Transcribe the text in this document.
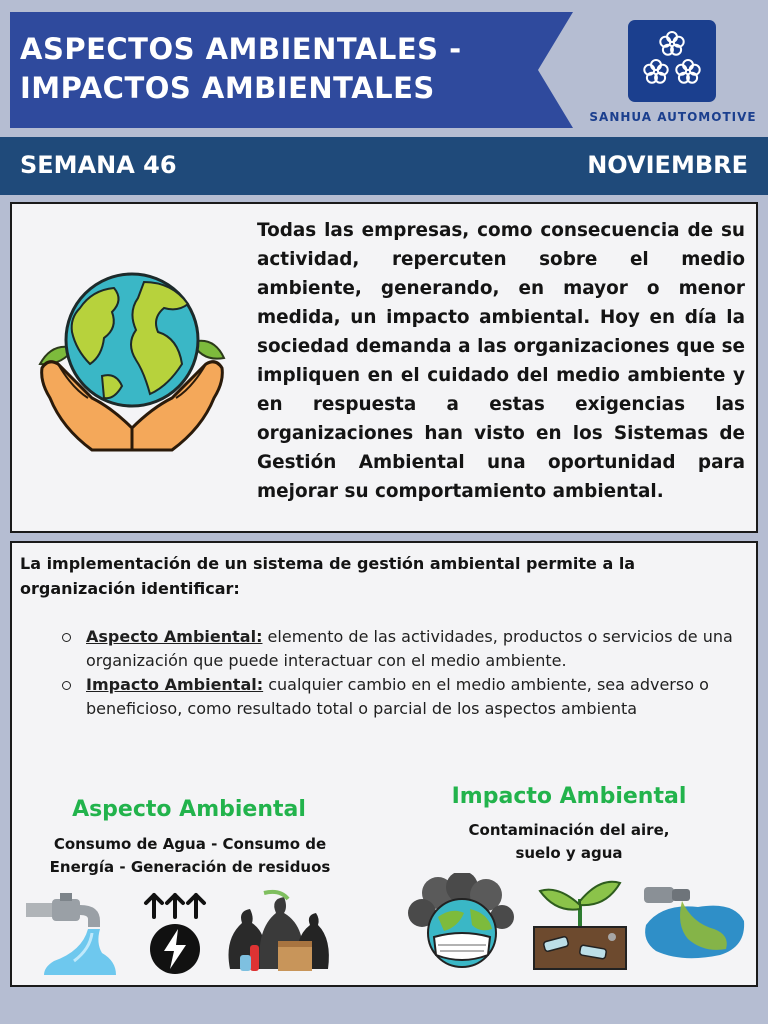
ASPECTOS AMBIENTALES -
IMPACTOS AMBIENTALES
SANHUA AUTOMOTIVE
SEMANA 46	NOVIEMBRE
Todas las empresas, como consecuencia de su actividad, repercuten sobre el medio ambiente, generando, en mayor o menor medida, un impacto ambiental. Hoy en día la sociedad demanda a las organizaciones que se impliquen en el cuidado del medio ambiente y en respuesta a estas exigencias las organizaciones han visto en los Sistemas de Gestión Ambiental una oportunidad para mejorar su comportamiento ambiental.
La implementación de un sistema de gestión ambiental permite a la organización identificar:
Aspecto Ambiental: elemento de las actividades, productos o servicios de una organización que puede interactuar con el medio ambiente.
Impacto Ambiental: cualquier cambio en el medio ambiente, sea adverso o beneficioso, como resultado total o parcial de los aspectos ambienta
Aspecto Ambiental
Consumo de Agua - Consumo de
Energía - Generación de residuos
Impacto Ambiental
Contaminación del aire,
suelo y agua
